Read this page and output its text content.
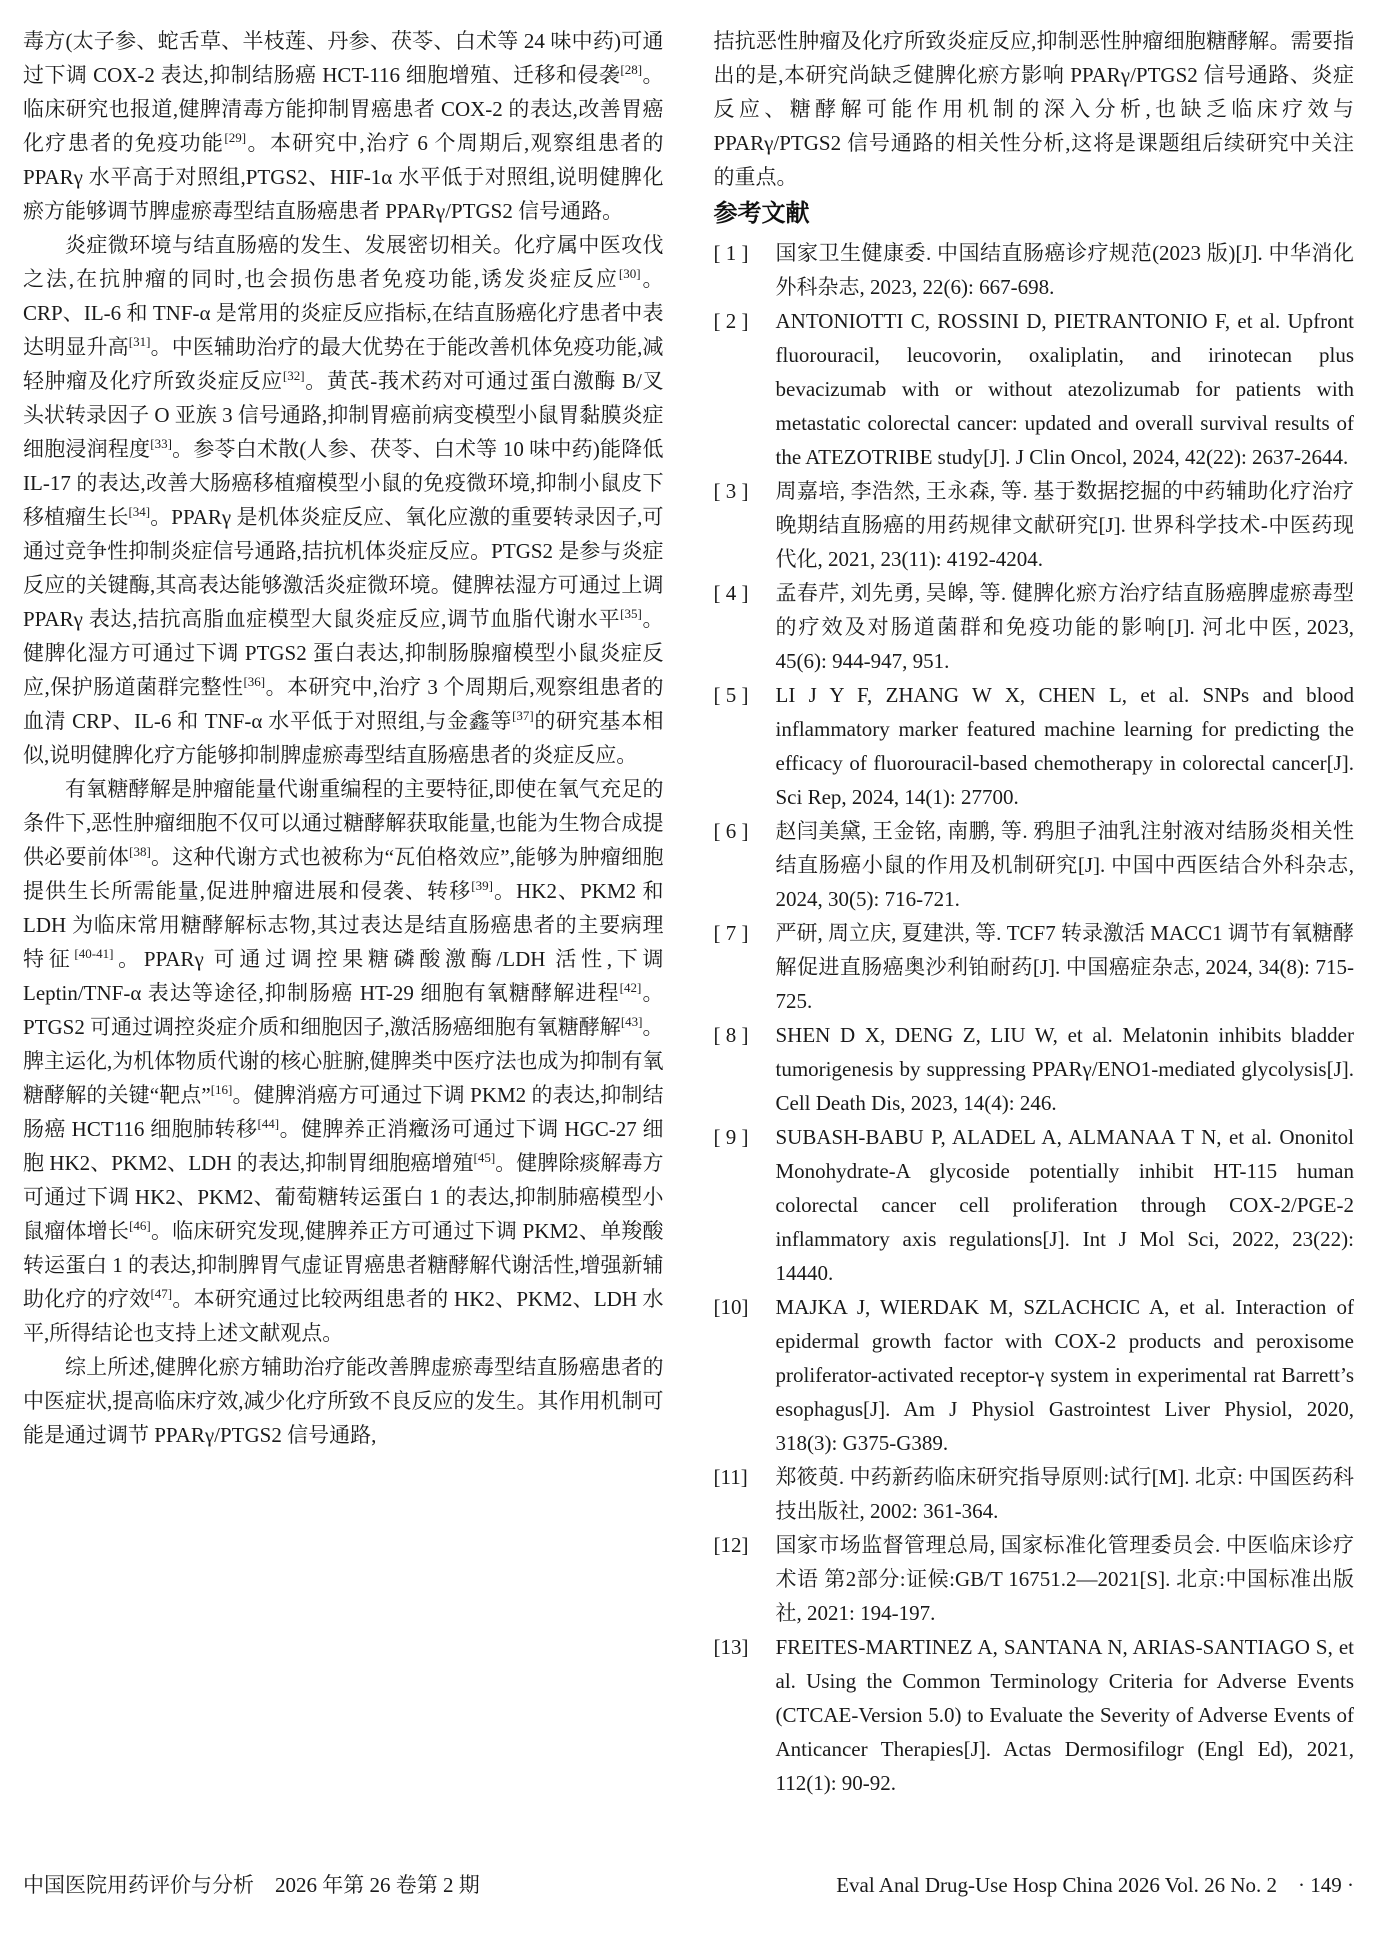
毒方(太子参、蛇舌草、半枝莲、丹参、茯苓、白术等 24 味中药)可通过下调 COX-2 表达,抑制结肠癌 HCT-116 细胞增殖、迁移和侵袭[28]。临床研究也报道,健脾清毒方能抑制胃癌患者 COX-2 的表达,改善胃癌化疗患者的免疫功能[29]。本研究中,治疗 6 个周期后,观察组患者的 PPARγ 水平高于对照组,PTGS2、HIF-1α 水平低于对照组,说明健脾化瘀方能够调节脾虚瘀毒型结直肠癌患者 PPARγ/PTGS2 信号通路。

炎症微环境与结直肠癌的发生、发展密切相关。化疗属中医攻伐之法,在抗肿瘤的同时,也会损伤患者免疫功能,诱发炎症反应[30]。CRP、IL-6 和 TNF-α 是常用的炎症反应指标,在结直肠癌化疗患者中表达明显升高[31]。中医辅助治疗的最大优势在于能改善机体免疫功能,减轻肿瘤及化疗所致炎症反应[32]。黄芪-莪术药对可通过蛋白激酶 B/叉头状转录因子 O 亚族 3 信号通路,抑制胃癌前病变模型小鼠胃黏膜炎症细胞浸润程度[33]。参苓白术散(人参、茯苓、白术等 10 味中药)能降低 IL-17 的表达,改善大肠癌移植瘤模型小鼠的免疫微环境,抑制小鼠皮下移植瘤生长[34]。PPARγ 是机体炎症反应、氧化应激的重要转录因子,可通过竞争性抑制炎症信号通路,拮抗机体炎症反应。PTGS2 是参与炎症反应的关键酶,其高表达能够激活炎症微环境。健脾祛湿方可通过上调 PPARγ 表达,拮抗高脂血症模型大鼠炎症反应,调节血脂代谢水平[35]。健脾化湿方可通过下调 PTGS2 蛋白表达,抑制肠腺瘤模型小鼠炎症反应,保护肠道菌群完整性[36]。本研究中,治疗 3 个周期后,观察组患者的血清 CRP、IL-6 和 TNF-α 水平低于对照组,与金鑫等[37]的研究基本相似,说明健脾化疗方能够抑制脾虚瘀毒型结直肠癌患者的炎症反应。

有氧糖酵解是肿瘤能量代谢重编程的主要特征,即使在氧气充足的条件下,恶性肿瘤细胞不仅可以通过糖酵解获取能量,也能为生物合成提供必要前体[38]。这种代谢方式也被称为“瓦伯格效应”,能够为肿瘤细胞提供生长所需能量,促进肿瘤进展和侵袭、转移[39]。HK2、PKM2 和 LDH 为临床常用糖酵解标志物,其过表达是结直肠癌患者的主要病理特征[40-41]。PPARγ 可通过调控果糖磷酸激酶/LDH 活性,下调 Leptin/TNF-α 表达等途径,抑制肠癌 HT-29 细胞有氧糖酵解进程[42]。PTGS2 可通过调控炎症介质和细胞因子,激活肠癌细胞有氧糖酵解[43]。脾主运化,为机体物质代谢的核心脏腑,健脾类中医疗法也成为抑制有氧糖酵解的关键“靶点”[16]。健脾消癌方可通过下调 PKM2 的表达,抑制结肠癌 HCT116 细胞肺转移[44]。健脾养正消癥汤可通过下调 HGC-27 细胞 HK2、PKM2、LDH 的表达,抑制胃细胞癌增殖[45]。健脾除痰解毒方可通过下调 HK2、PKM2、葡萄糖转运蛋白 1 的表达,抑制肺癌模型小鼠瘤体增长[46]。临床研究发现,健脾养正方可通过下调 PKM2、单羧酸转运蛋白 1 的表达,抑制脾胃气虚证胃癌患者糖酵解代谢活性,增强新辅助化疗的疗效[47]。本研究通过比较两组患者的 HK2、PKM2、LDH 水平,所得结论也支持上述文献观点。

综上所述,健脾化瘀方辅助治疗能改善脾虚瘀毒型结直肠癌患者的中医症状,提高临床疗效,减少化疗所致不良反应的发生。其作用机制可能是通过调节 PPARγ/PTGS2 信号通路,

拮抗恶性肿瘤及化疗所致炎症反应,抑制恶性肿瘤细胞糖酵解。需要指出的是,本研究尚缺乏健脾化瘀方影响 PPARγ/PTGS2 信号通路、炎症反应、糖酵解可能作用机制的深入分析,也缺乏临床疗效与 PPARγ/PTGS2 信号通路的相关性分析,这将是课题组后续研究中关注的重点。

参考文献
[ 1 ]	国家卫生健康委. 中国结直肠癌诊疗规范(2023 版)[J]. 中华消化外科杂志, 2023, 22(6): 667-698.
[ 2 ]	ANTONIOTTI C, ROSSINI D, PIETRANTONIO F, et al. Upfront fluorouracil, leucovorin, oxaliplatin, and irinotecan plus bevacizumab with or without atezolizumab for patients with metastatic colorectal cancer: updated and overall survival results of the ATEZOTRIBE study[J]. J Clin Oncol, 2024, 42(22): 2637-2644.
[ 3 ]	周嘉培, 李浩然, 王永森, 等. 基于数据挖掘的中药辅助化疗治疗晚期结直肠癌的用药规律文献研究[J]. 世界科学技术-中医药现代化, 2021, 23(11): 4192-4204.
[ 4 ]	孟春芹, 刘先勇, 吴皞, 等. 健脾化瘀方治疗结直肠癌脾虚瘀毒型的疗效及对肠道菌群和免疫功能的影响[J]. 河北中医, 2023, 45(6): 944-947, 951.
[ 5 ]	LI J Y F, ZHANG W X, CHEN L, et al. SNPs and blood inflammatory marker featured machine learning for predicting the efficacy of fluorouracil-based chemotherapy in colorectal cancer[J]. Sci Rep, 2024, 14(1): 27700.
[ 6 ]	赵闫美黛, 王金铭, 南鹏, 等. 鸦胆子油乳注射液对结肠炎相关性结直肠癌小鼠的作用及机制研究[J]. 中国中西医结合外科杂志, 2024, 30(5): 716-721.
[ 7 ]	严研, 周立庆, 夏建洪, 等. TCF7 转录激活 MACC1 调节有氧糖酵解促进直肠癌奥沙利铂耐药[J]. 中国癌症杂志, 2024, 34(8): 715-725.
[ 8 ]	SHEN D X, DENG Z, LIU W, et al. Melatonin inhibits bladder tumorigenesis by suppressing PPARγ/ENO1-mediated glycolysis[J]. Cell Death Dis, 2023, 14(4): 246.
[ 9 ]	SUBASH-BABU P, ALADEL A, ALMANAA T N, et al. Ononitol Monohydrate-A glycoside potentially inhibit HT-115 human colorectal cancer cell proliferation through COX-2/PGE-2 inflammatory axis regulations[J]. Int J Mol Sci, 2022, 23(22): 14440.
[10]	MAJKA J, WIERDAK M, SZLACHCIC A, et al. Interaction of epidermal growth factor with COX-2 products and peroxisome proliferator-activated receptor-γ system in experimental rat Barrett’s esophagus[J]. Am J Physiol Gastrointest Liver Physiol, 2020, 318(3): G375-G389.
[11]	郑筱萸. 中药新药临床研究指导原则:试行[M]. 北京: 中国医药科技出版社, 2002: 361-364.
[12]	国家市场监督管理总局, 国家标准化管理委员会. 中医临床诊疗术语 第2部分:证候:GB/T 16751.2—2021[S]. 北京:中国标准出版社, 2021: 194-197.
[13]	FREITES-MARTINEZ A, SANTANA N, ARIAS-SANTIAGO S, et al. Using the Common Terminology Criteria for Adverse Events (CTCAE-Version 5.0) to Evaluate the Severity of Adverse Events of Anticancer Therapies[J]. Actas Dermosifilogr (Engl Ed), 2021, 112(1): 90-92.
中国医院用药评价与分析　2026 年第 26 卷第 2 期	Eval Anal Drug-Use Hosp China 2026 Vol. 26 No. 2　· 149 ·
